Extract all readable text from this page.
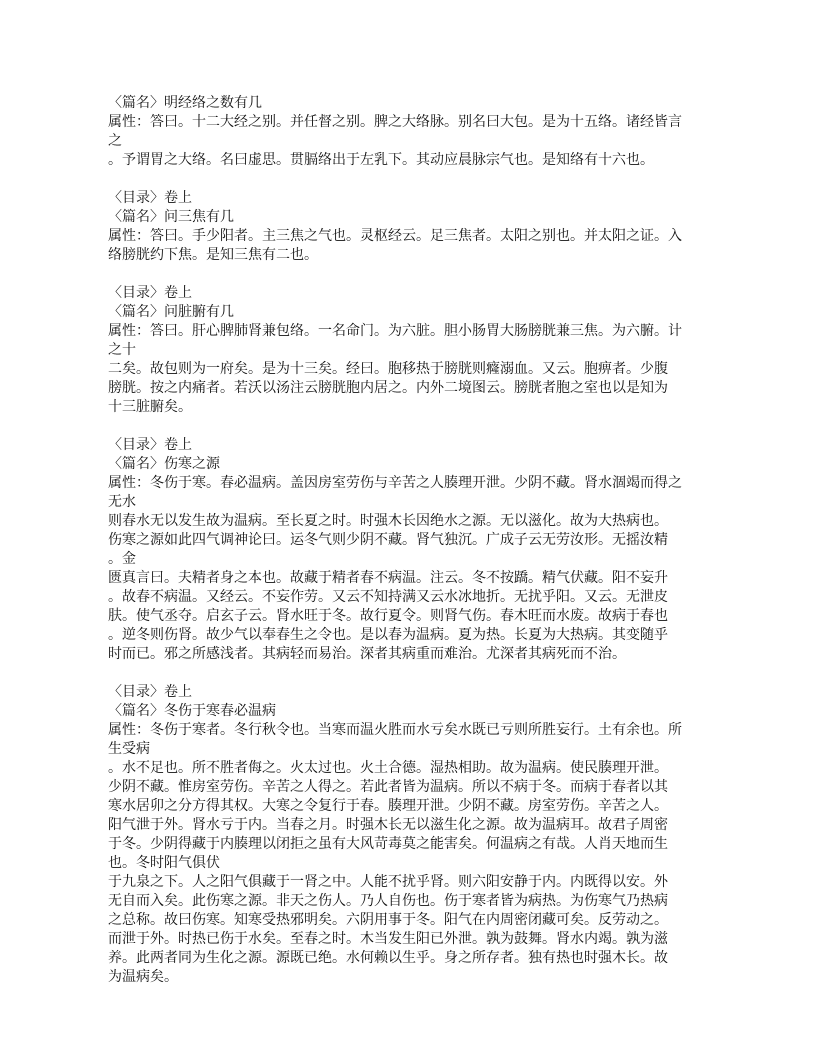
〈篇名〉明经络之数有几
属性：答曰。十二大经之别。并任督之别。脾之大络脉。别名曰大包。是为十五络。诸经皆言
之
。予谓胃之大络。名曰虚思。贯膈络出于左乳下。其动应晨脉宗气也。是知络有十六也。
〈目录〉卷上
〈篇名〉问三焦有几
属性：答曰。手少阳者。主三焦之气也。灵枢经云。足三焦者。太阳之别也。并太阳之证。入
络膀胱约下焦。是知三焦有二也。
〈目录〉卷上
〈篇名〉问脏腑有几
属性：答曰。肝心脾肺肾兼包络。一名命门。为六脏。胆小肠胃大肠膀胱兼三焦。为六腑。计
之十
二矣。故包则为一府矣。是为十三矣。经曰。胞移热于膀胱则癃溺血。又云。胞痹者。少腹
膀胱。按之内痛者。若沃以汤注云膀胱胞内居之。内外二境图云。膀胱者胞之室也以是知为
十三脏腑矣。
〈目录〉卷上
〈篇名〉伤寒之源
属性：冬伤于寒。春必温病。盖因房室劳伤与辛苦之人腠理开泄。少阴不藏。肾水涸竭而得之
无水
则春水无以发生故为温病。至长夏之时。时强木长因绝水之源。无以滋化。故为大热病也。
伤寒之源如此四气调神论曰。运冬气则少阴不藏。肾气独沉。广成子云无劳汝形。无摇汝精
。金
匮真言曰。夫精者身之本也。故藏于精者春不病温。注云。冬不按蹻。精气伏藏。阳不妄升
。故春不病温。又经云。不妄作劳。又云不知持满又云水冰地折。无扰乎阳。又云。无泄皮
肤。使气丞夺。启玄子云。肾水旺于冬。故行夏令。则肾气伤。春木旺而水废。故病于春也
。逆冬则伤肾。故少气以奉春生之令也。是以春为温病。夏为热。长夏为大热病。其变随乎
时而已。邪之所感浅者。其病轻而易治。深者其病重而难治。尤深者其病死而不治。
〈目录〉卷上
〈篇名〉冬伤于寒春必温病
属性：冬伤于寒者。冬行秋令也。当寒而温火胜而水亏矣水既已亏则所胜妄行。土有余也。所
生受病
。水不足也。所不胜者侮之。火太过也。火土合德。湿热相助。故为温病。使民腠理开泄。
少阴不藏。惟房室劳伤。辛苦之人得之。若此者皆为温病。所以不病于冬。而病于春者以其
寒水居卯之分方得其权。大寒之令复行于春。腠理开泄。少阴不藏。房室劳伤。辛苦之人。
阳气泄于外。肾水亏于内。当春之月。时强木长无以滋生化之源。故为温病耳。故君子周密
于冬。少阴得藏于内腠理以闭拒之虽有大风苛毒莫之能害矣。何温病之有哉。人肖天地而生
也。冬时阳气俱伏
于九泉之下。人之阳气俱藏于一肾之中。人能不扰乎肾。则六阳安静于内。内既得以安。外
无自而入矣。此伤寒之源。非天之伤人。乃人自伤也。伤于寒者皆为病热。为伤寒气乃热病
之总称。故曰伤寒。知寒受热邪明矣。六阴用事于冬。阳气在内周密闭藏可矣。反劳动之。
而泄于外。时热已伤于水矣。至春之时。木当发生阳已外泄。孰为鼓舞。肾水内竭。孰为滋
养。此两者同为生化之源。源既已绝。水何赖以生乎。身之所存者。独有热也时强木长。故
为温病矣。
